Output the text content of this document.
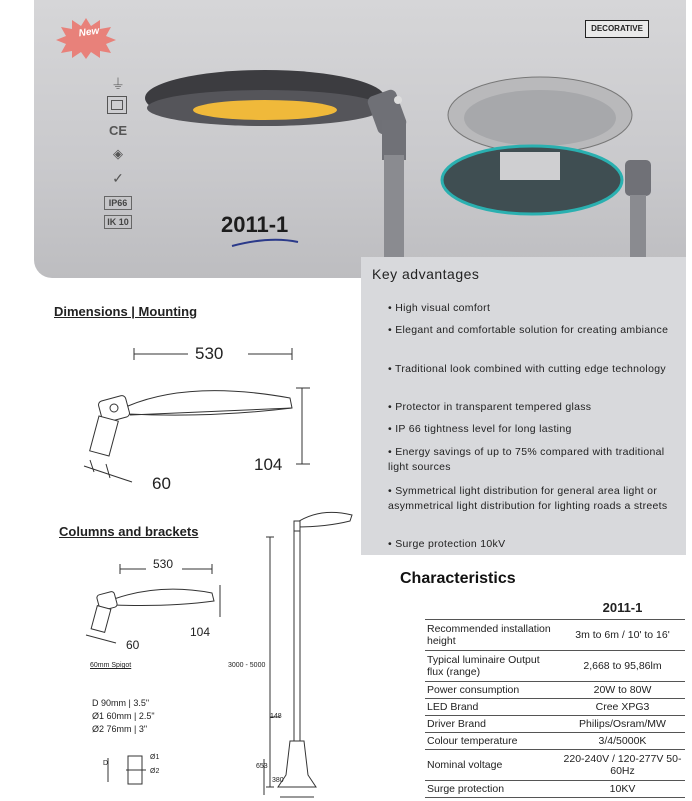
New
⏚
CE
◈
✓
IP66
IK 10	2011-1
DECORATIVE
Key advantages
• High visual comfort
• Elegant and comfortable solution for creating ambiance
• Traditional look combined with cutting edge technology
• Protector in transparent tempered glass
• IP 66 tightness level for long lasting
• Energy savings of up to 75% compared with traditional light sources
• Symmetrical light distribution for general area light or asymmetrical light distribution for lighting roads a streets
• Surge protection 10kV
Dimensions | Mounting
530
104
60
Columns and brackets
530
104
60
60mm Spigot
D 90mm | 3.5"
Ø1 60mm | 2.5"
Ø2 76mm | 3"
D
Ø1
Ø2
3000 - 5000
148
653
380
Characteristics
	2011-1
Recommended installation height	3m to 6m / 10' to 16'
Typical luminaire Output flux (range)	2,668 to 95,86lm
Power consumption	20W to 80W
LED Brand	Cree XPG3
Driver Brand	Philips/Osram/MW
Colour temperature	3/4/5000K
Nominal voltage	220-240V / 120-277V 50-60Hz
Surge protection	10KV
